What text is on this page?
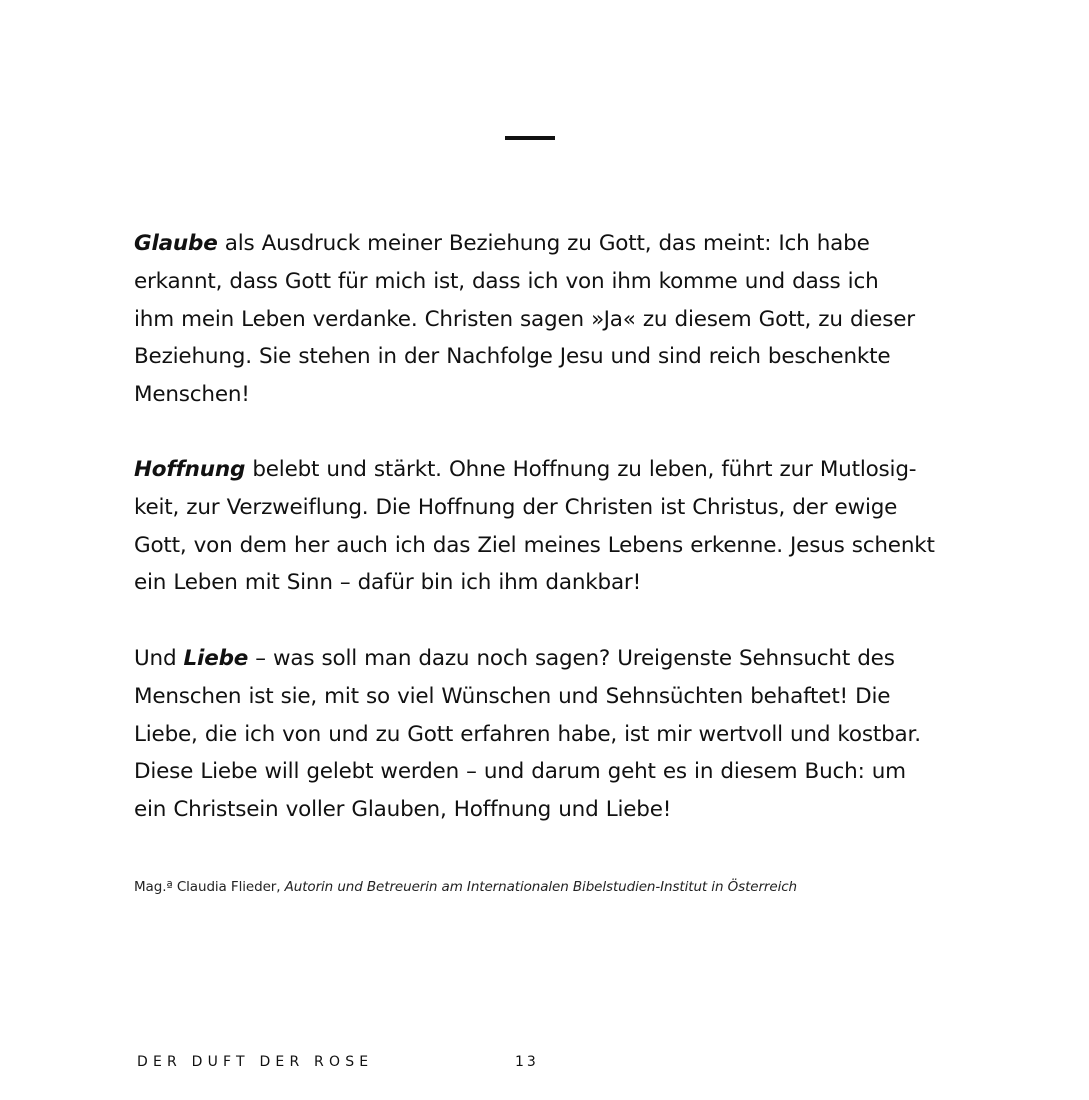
Glaube als Ausdruck meiner Beziehung zu Gott, das meint: Ich habe
erkannt, dass Gott für mich ist, dass ich von ihm komme und dass ich
ihm mein Leben verdanke. Christen sagen »Ja« zu diesem Gott, zu dieser
Beziehung. Sie stehen in der Nachfolge Jesu und sind reich beschenkte
Menschen!

Hoffnung belebt und stärkt. Ohne Hoffnung zu leben, führt zur Mutlosig-
keit, zur Verzweiflung. Die Hoffnung der Christen ist Christus, der ewige
Gott, von dem her auch ich das Ziel meines Lebens erkenne. Jesus schenkt
ein Leben mit Sinn – dafür bin ich ihm dankbar!

Und Liebe – was soll man dazu noch sagen? Ureigenste Sehnsucht des
Menschen ist sie, mit so viel Wünschen und Sehnsüchten behaftet! Die
Liebe, die ich von und zu Gott erfahren habe, ist mir wertvoll und kostbar.
Diese Liebe will gelebt werden – und darum geht es in diesem Buch: um
ein Christsein voller Glauben, Hoffnung und Liebe!

Mag.ª Claudia Flieder, Autorin und Betreuerin am Internationalen Bibelstudien-Institut in Österreich
DER DUFT DER ROSE	13
